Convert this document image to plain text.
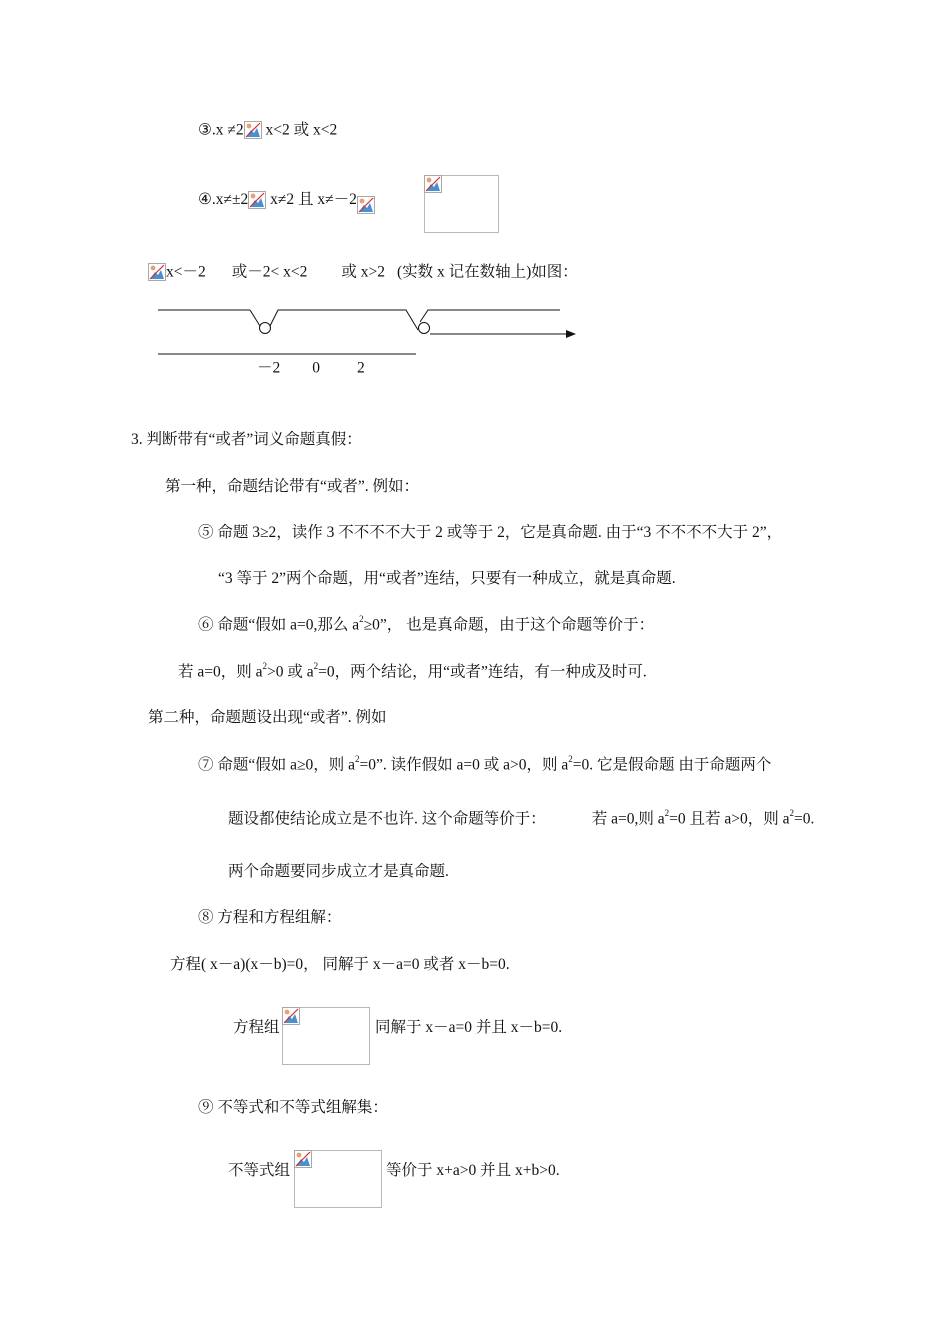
③.x ≠2 x<2 或 x<2
④.x≠±2 x≠2 且 x≠－2
x<－2 或－2< x<2 或 x>2 (实数 x 记在数轴上)如图：
－2 0 2
3. 判断带有“或者”词义命题真假：
第一种，命题结论带有“或者”. 例如：
⑤ 命题 3≥2，读作 3 不不不不大于 2 或等于 2，它是真命题. 由于“3 不不不不大于 2”，
“3 等于 2”两个命题，用“或者”连结，只要有一种成立，就是真命题.
⑥ 命题“假如 a=0,那么 $a^2\ge 0$”， 也是真命题，由于这个命题等价于：
若 a=0，则 $a^2>0$ 或 $a^2=0$，两个结论，用“或者”连结，有一种成及时可.
第二种，命题题设出现“或者”. 例如
⑦ 命题“假如 a≥0，则 $a^2=0$”. 读作假如 a=0 或 a>0，则 $a^2=0$. 它是假命题 由于命题两个
题设都使结论成立是不也许. 这个命题等价于：	若 a=0,则 $a^2=0$ 且若 a>0，则 $a^2=0$.
两个命题要同步成立才是真命题.
⑧ 方程和方程组解：
方程( x－a)(x－b)=0， 同解于 x－a=0 或者 x－b=0.
方程组	同解于 x－a=0 并且 x－b=0.
⑨ 不等式和不等式组解集：
不等式组	等价于 x+a>0 并且 x+b>0.
